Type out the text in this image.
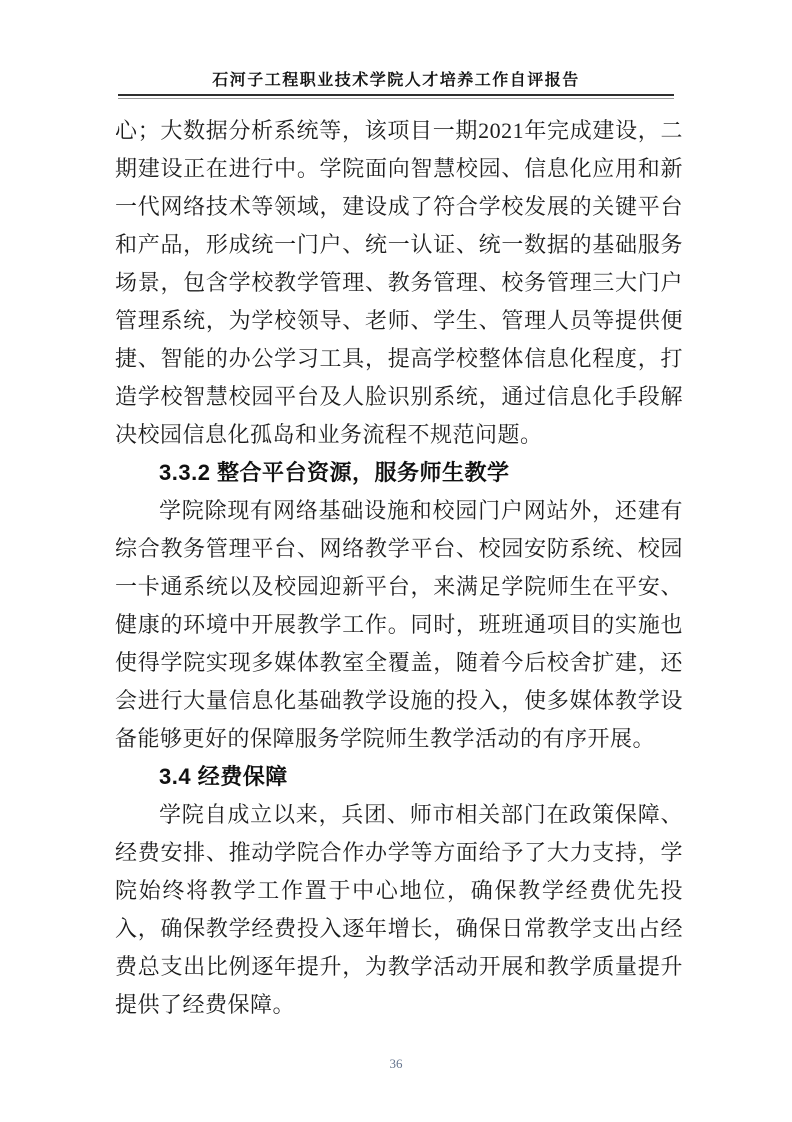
石河子工程职业技术学院人才培养工作自评报告

心；大数据分析系统等，该项目一期2021年完成建设，二期建设正在进行中。学院面向智慧校园、信息化应用和新一代网络技术等领域，建设成了符合学校发展的关键平台和产品，形成统一门户、统一认证、统一数据的基础服务场景，包含学校教学管理、教务管理、校务管理三大门户管理系统，为学校领导、老师、学生、管理人员等提供便捷、智能的办公学习工具，提高学校整体信息化程度，打造学校智慧校园平台及人脸识别系统，通过信息化手段解决校园信息化孤岛和业务流程不规范问题。

3.3.2 整合平台资源，服务师生教学

学院除现有网络基础设施和校园门户网站外，还建有综合教务管理平台、网络教学平台、校园安防系统、校园一卡通系统以及校园迎新平台，来满足学院师生在平安、健康的环境中开展教学工作。同时，班班通项目的实施也使得学院实现多媒体教室全覆盖，随着今后校舍扩建，还会进行大量信息化基础教学设施的投入，使多媒体教学设备能够更好的保障服务学院师生教学活动的有序开展。

3.4 经费保障

学院自成立以来，兵团、师市相关部门在政策保障、经费安排、推动学院合作办学等方面给予了大力支持，学院始终将教学工作置于中心地位，确保教学经费优先投入，确保教学经费投入逐年增长，确保日常教学支出占经费总支出比例逐年提升，为教学活动开展和教学质量提升提供了经费保障。

36
